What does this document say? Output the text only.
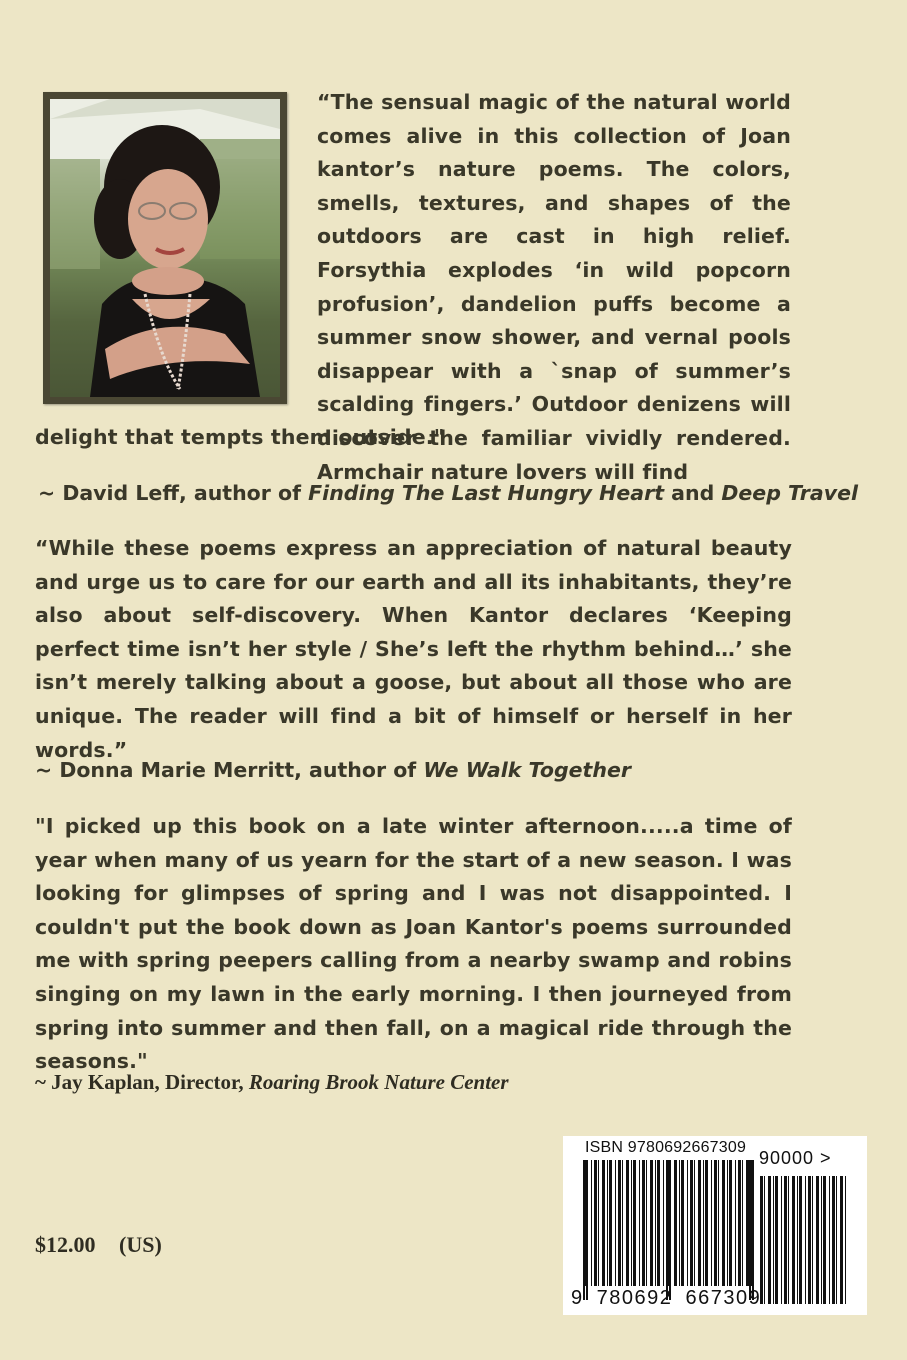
“The sensual magic of the natural world comes alive in this collection of Joan kantor’s nature poems. The colors, smells, textures, and shapes of the outdoors are cast in high relief. Forsythia explodes ‘in wild popcorn profusion’, dandelion puffs become a summer snow shower, and vernal pools disappear with a `snap of summer’s scalding fingers.’ Outdoor denizens will discover the familiar vividly rendered. Armchair nature lovers will find

delight that tempts them outside."

~ David Leff, author of Finding The Last Hungry Heart and Deep Travel

“While these poems express an appreciation of natural beauty and urge us to care for our earth and all its inhabitants, they’re also about self-discovery. When Kantor declares ‘Keeping perfect time isn’t her style / She’s left the rhythm behind…’ she isn’t merely talking about a goose, but about all those who are unique. The reader will find a bit of himself or herself in her words.”

~ Donna Marie Merritt, author of We Walk Together

"I picked up this book on a late winter afternoon.....a time of year when many of us yearn for the start of a new season. I was looking for glimpses of spring and I was not disappointed. I couldn't put the book down as Joan Kantor's poems surrounded me with spring peepers calling from a nearby swamp and robins singing on my lawn in the early morning. I then journeyed from spring into summer and then fall, on a magical ride through the seasons."

~ Jay Kaplan, Director, Roaring Brook Nature Center

$12.00 (US)
ISBN 9780692667309
90000 >
9 780692 667309
